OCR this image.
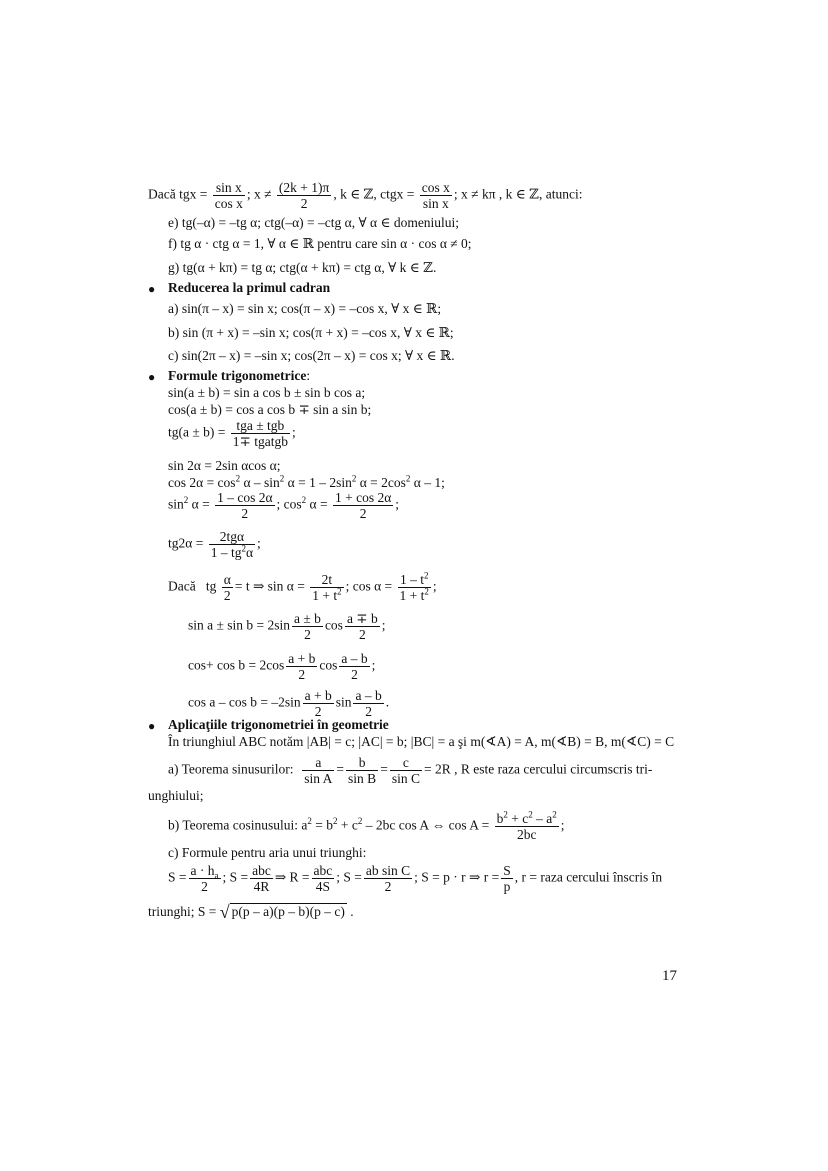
Dacă tgx = $\frac{\text{sin x}}{\text{cos x}}$ ; $x \ne \frac{(2k + 1)\pi}{2}$ , k ∈ ℤ, ctgx = $\frac{\text{cos x}}{\text{sin x}}$ ; x ≠ kπ , k ∈ ℤ, atunci:
e) tg(–α) = –tg α; ctg(–α) = –ctg α, ∀ α ∈ domeniului;
f) tg α · ctg α = 1, ∀ α ∈ ℝ pentru care sin α · cos α ≠ 0;
g) tg(α + kπ) = tg α; ctg(α + kπ) = ctg α, ∀ k ∈ ℤ.
● Reducerea la primul cadran
a) sin(π – x) = sin x; cos(π – x) = –cos x, ∀ x ∈ ℝ;
b) sin (π + x) = –sin x; cos(π + x) = –cos x, ∀ x ∈ ℝ;
c) sin(2π – x) = –sin x; cos(2π – x) = cos x; ∀ x ∈ ℝ.
● Formule trigonometrice:
sin(a ± b) = sin a cos b ± sin b cos a;
cos(a ± b) = cos a cos b ∓ sin a sin b;
tg(a ± b) = tga ± tgb
1∓ tgatgb
;
sin 2α = 2sin αcos α;
$\cos 2\alpha = \cos^2 \alpha - \sin^2 \alpha = 1 - 2\sin^2$ $\alpha = 2\cos^2$ α – 1;
$\sin^2 \alpha = \frac{1 - \cos 2\alpha}{2}$ ; $\cos^2 \alpha = \frac{1 + \cos 2\alpha}{2}$ ;
tg2α =	2tgα
$1 - tg^2\alpha$
;
Dacă tg $\frac{\alpha}{2} = t$ ⇒ $\sin \alpha = \frac{2t}{1 + t^2}$ ; $\cos \alpha = \frac{1 - t^2}{1 + t^2}$ ;
$\sin a \pm \sin b = 2\sin \frac{a \pm b}{2}$ $\cos \frac{a \mp b}{2}$ ;
$\cos+ \cos b = 2\cos \frac{a + b}{2}$ $\cos \frac{a - b}{2}$ ;
$\cos a - \cos b = -2\sin \frac{a + b}{2}$ $\sin \frac{a - b}{2}$ .
● Aplicaţiile trigonometriei în geometrie
În triunghiul ABC notăm |AB| = c; |AC| = b; |BC| = a şi m(∢A) = A, m(∢B) = B, m(∢C) = C
a) Teorema sinusurilor: $\frac{a}{\text{sin A}} = \frac{b}{\text{sin B}} = \frac{c}{\text{sin C}} = 2R$ , R este raza cercului circumscris tri-
unghiului;
b) Teorema cosinusului: $a^2 = b^2 + c^2 - 2bc$ cos A ⇔ $\cos A = \frac{b^2 + c^2 - a^2}{2bc}$ ;
c) Formule pentru aria unui triunghi:
$S = \frac{a \cdot h_a}{2}$ ; S = abc
4R
⇒ R = abc
4S
; $S = \frac{\text{ab sin C}}{2}$ ; S = p · r ⇒ $r = \frac{S}{p}$ , r = raza cercului înscris în
triunghi; S = √ p(p – a)(p – b)(p – c) .
17
